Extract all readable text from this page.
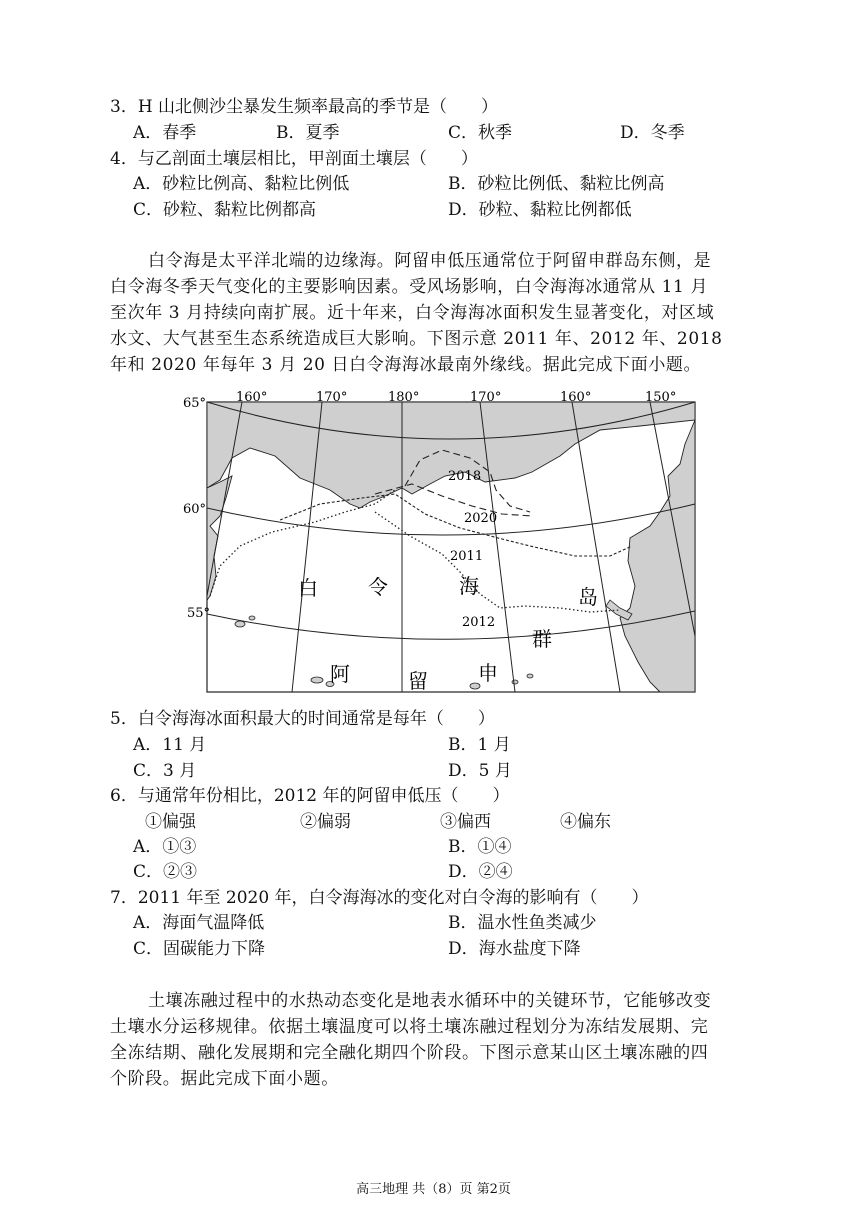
3．H 山北侧沙尘暴发生频率最高的季节是（　　）
A．春季	B．夏季	C．秋季	D．冬季
4．与乙剖面土壤层相比，甲剖面土壤层（　　）
A．砂粒比例高、黏粒比例低	B．砂粒比例低、黏粒比例高
C．砂粒、黏粒比例都高	D．砂粒、黏粒比例都低
白令海是太平洋北端的边缘海。阿留申低压通常位于阿留申群岛东侧，是
白令海冬季天气变化的主要影响因素。受风场影响，白令海海冰通常从 11 月
至次年 3 月持续向南扩展。近十年来，白令海海冰面积发生显著变化，对区域
水文、大气甚至生态系统造成巨大影响。下图示意 2011 年、2012 年、2018
年和 2020 年每年 3 月 20 日白令海海冰最南外缘线。据此完成下面小题。
160°	170°	180°	170°	160°	150°
65°
60°
55°
2018
2020
2011
2012
白	令	海	岛
群
阿	留	申
5．白令海海冰面积最大的时间通常是每年（　　）
A．11 月	B．1 月
C．3 月	D．5 月
6．与通常年份相比，2012 年的阿留申低压（　　）
①偏强	②偏弱	③偏西	④偏东
A．①③	B．①④
C．②③	D．②④
7．2011 年至 2020 年，白令海海冰的变化对白令海的影响有（　　）
A．海面气温降低	B．温水性鱼类减少
C．固碳能力下降	D．海水盐度下降
土壤冻融过程中的水热动态变化是地表水循环中的关键环节，它能够改变
土壤水分运移规律。依据土壤温度可以将土壤冻融过程划分为冻结发展期、完
全冻结期、融化发展期和完全融化期四个阶段。下图示意某山区土壤冻融的四
个阶段。据此完成下面小题。
高三地理 共（8）页 第2页
